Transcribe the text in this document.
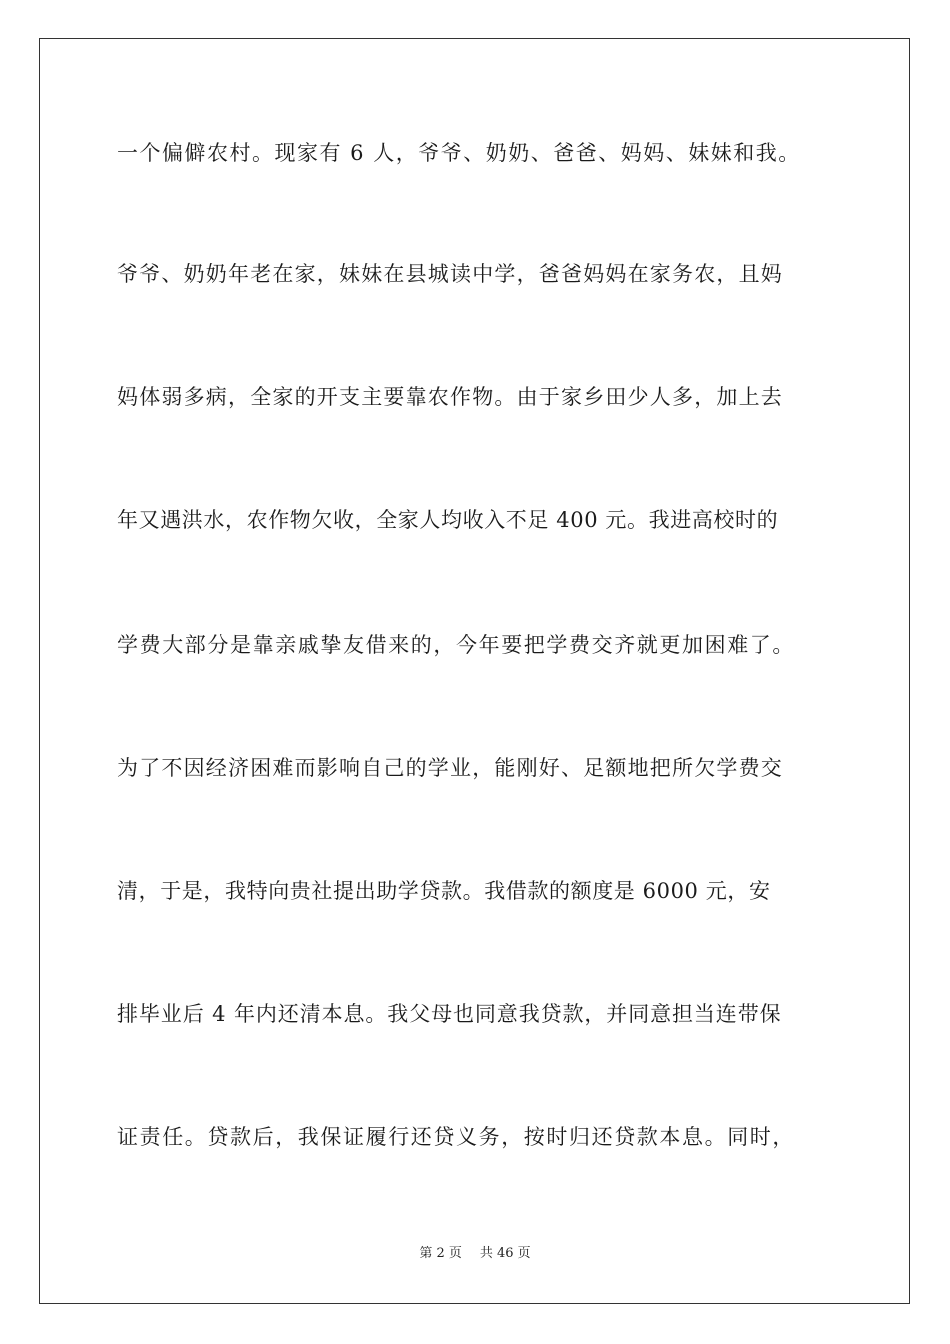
一个偏僻农村。现家有 6 人，爷爷、奶奶、爸爸、妈妈、妹妹和我。
爷爷、奶奶年老在家，妹妹在县城读中学，爸爸妈妈在家务农，且妈
妈体弱多病，全家的开支主要靠农作物。由于家乡田少人多，加上去
年又遇洪水，农作物欠收，全家人均收入不足 400 元。我进高校时的
学费大部分是靠亲戚挚友借来的，今年要把学费交齐就更加困难了。
为了不因经济困难而影响自己的学业，能刚好、足额地把所欠学费交
清，于是，我特向贵社提出助学贷款。我借款的额度是 6000 元，安
排毕业后 4 年内还清本息。我父母也同意我贷款，并同意担当连带保
证责任。贷款后，我保证履行还贷义务，按时归还贷款本息。同时，
第 2 页 共 46 页
